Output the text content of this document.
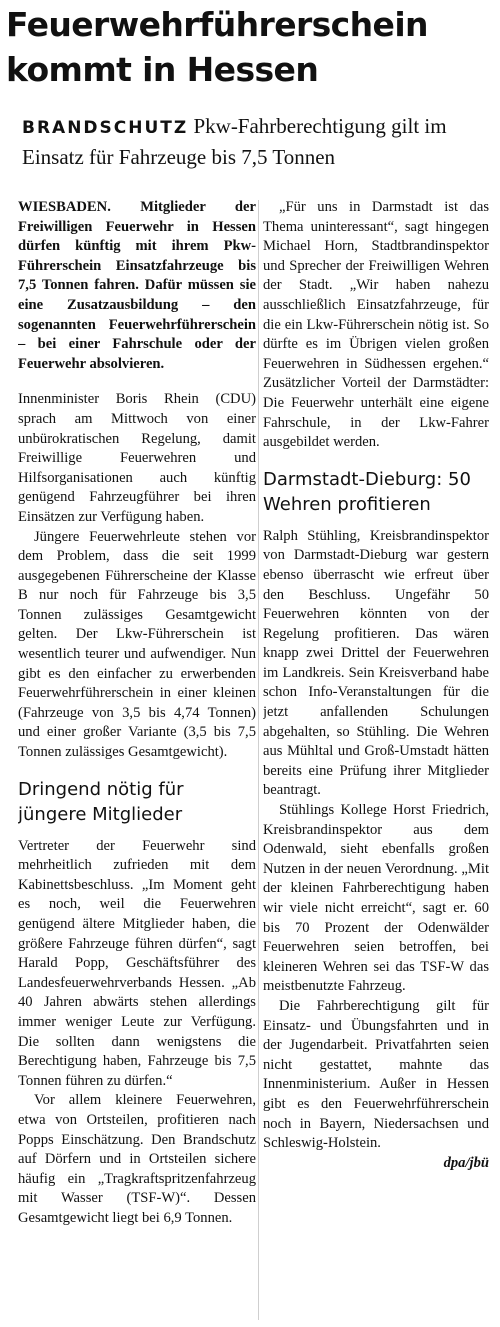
Feuerwehrführerschein
kommt in Hessen

BRANDSCHUTZ Pkw-Fahrberechtigung gilt im Einsatz für Fahrzeuge bis 7,5 Tonnen

WIESBADEN. Mitglieder der Freiwilligen Feuerwehr in Hessen dürfen künftig mit ihrem Pkw-Führerschein Einsatzfahrzeuge bis 7,5 Tonnen fahren. Dafür müssen sie eine Zusatzausbildung – den sogenannten Feuerwehrführerschein – bei einer Fahrschule oder der Feuerwehr absolvieren.

Innenminister Boris Rhein (CDU) sprach am Mittwoch von einer unbürokratischen Regelung, damit Freiwillige Feuerwehren und Hilfsorganisationen auch künftig genügend Fahrzeugführer bei ihren Einsätzen zur Verfügung haben.

Jüngere Feuerwehrleute stehen vor dem Problem, dass die seit 1999 ausgegebenen Führerscheine der Klasse B nur noch für Fahrzeuge bis 3,5 Tonnen zulässiges Gesamtgewicht gelten. Der Lkw-Führerschein ist wesentlich teurer und aufwendiger. Nun gibt es den einfacher zu erwerbenden Feuerwehrführerschein in einer kleinen (Fahrzeuge von 3,5 bis 4,74 Tonnen) und einer großer Variante (3,5 bis 7,5 Tonnen zulässiges Gesamtgewicht).

Dringend nötig für jüngere Mitglieder

Vertreter der Feuerwehr sind mehrheitlich zufrieden mit dem Kabinettsbeschluss. „Im Moment geht es noch, weil die Feuerwehren genügend ältere Mitglieder haben, die größere Fahrzeuge führen dürfen“, sagt Harald Popp, Geschäftsführer des Landesfeuerwehrverbands Hessen. „Ab 40 Jahren abwärts stehen allerdings immer weniger Leute zur Verfügung. Die sollten dann wenigstens die Berechtigung haben, Fahrzeuge bis 7,5 Tonnen führen zu dürfen.“

Vor allem kleinere Feuerwehren, etwa von Ortsteilen, profitieren nach Popps Einschätzung. Den Brandschutz auf Dörfern und in Ortsteilen sichere häufig ein „Tragkraftspritzenfahrzeug mit Wasser (TSF-W)“. Dessen Gesamtgewicht liegt bei 6,9 Tonnen.

„Für uns in Darmstadt ist das Thema uninteressant“, sagt hingegen Michael Horn, Stadtbrandinspektor und Sprecher der Freiwilligen Wehren der Stadt. „Wir haben nahezu ausschließlich Einsatzfahrzeuge, für die ein Lkw-Führerschein nötig ist. So dürfte es im Übrigen vielen großen Feuerwehren in Südhessen ergehen.“ Zusätzlicher Vorteil der Darmstädter: Die Feuerwehr unterhält eine eigene Fahrschule, in der Lkw-Fahrer ausgebildet werden.

Darmstadt-Dieburg: 50 Wehren profitieren

Ralph Stühling, Kreisbrandinspektor von Darmstadt-Dieburg war gestern ebenso überrascht wie erfreut über den Beschluss. Ungefähr 50 Feuerwehren könnten von der Regelung profitieren. Das wären knapp zwei Drittel der Feuerwehren im Landkreis. Sein Kreisverband habe schon Info-Veranstaltungen für die jetzt anfallenden Schulungen abgehalten, so Stühling. Die Wehren aus Mühltal und Groß-Umstadt hätten bereits eine Prüfung ihrer Mitglieder beantragt.

Stühlings Kollege Horst Friedrich, Kreisbrandinspektor aus dem Odenwald, sieht ebenfalls großen Nutzen in der neuen Verordnung. „Mit der kleinen Fahrberechtigung haben wir viele nicht erreicht“, sagt er. 60 bis 70 Prozent der Odenwälder Feuerwehren seien betroffen, bei kleineren Wehren sei das TSF-W das meistbenutzte Fahrzeug.

Die Fahrberechtigung gilt für Einsatz- und Übungsfahrten und in der Jugendarbeit. Privatfahrten seien nicht gestattet, mahnte das Innenministerium. Außer in Hessen gibt es den Feuerwehrführerschein noch in Bayern, Niedersachsen und Schleswig-Holstein.

dpa/jbü
